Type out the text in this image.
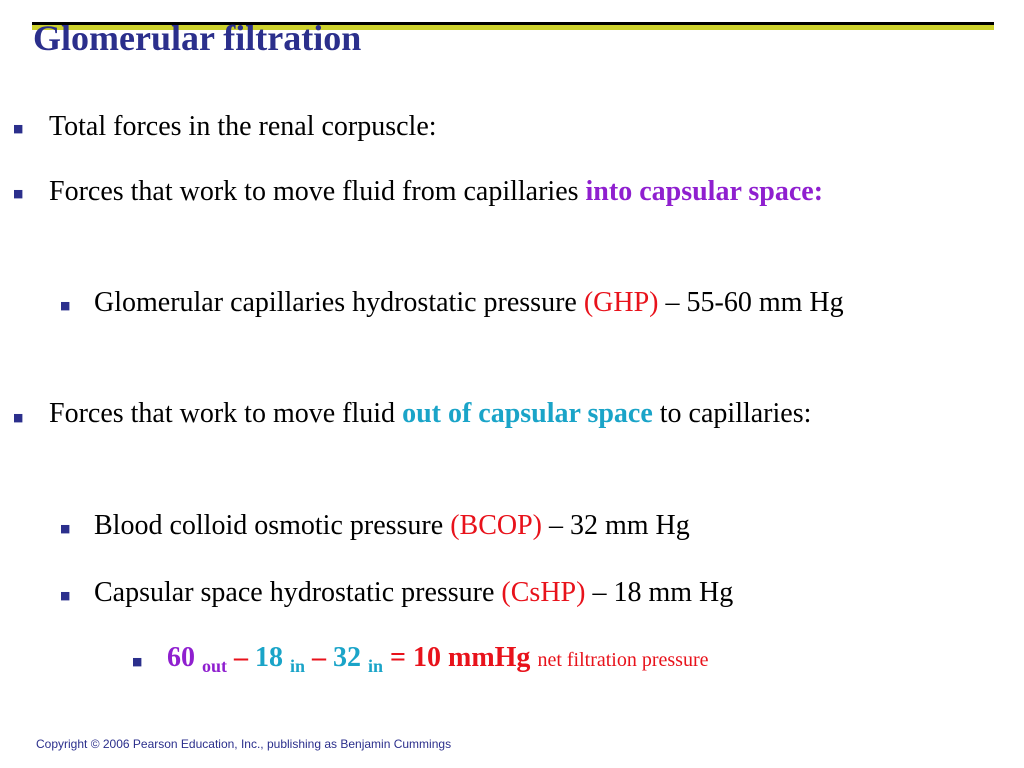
Glomerular filtration
■ Total forces in the renal corpuscle:
■ Forces that work to move fluid from capillaries into capsular space:
■ Glomerular capillaries hydrostatic pressure (GHP) – 55-60 mm Hg
■ Forces that work to move fluid out of capsular space to capillaries:
■ Blood colloid osmotic pressure (BCOP) – 32 mm Hg
■ Capsular space hydrostatic pressure (CsHP) – 18 mm Hg
■ 60 $_{out}$ – 18 $_{in}$ – 32 $_{in}$ = 10 mmHg net filtration pressure
Copyright © 2006 Pearson Education, Inc., publishing as Benjamin Cummings
